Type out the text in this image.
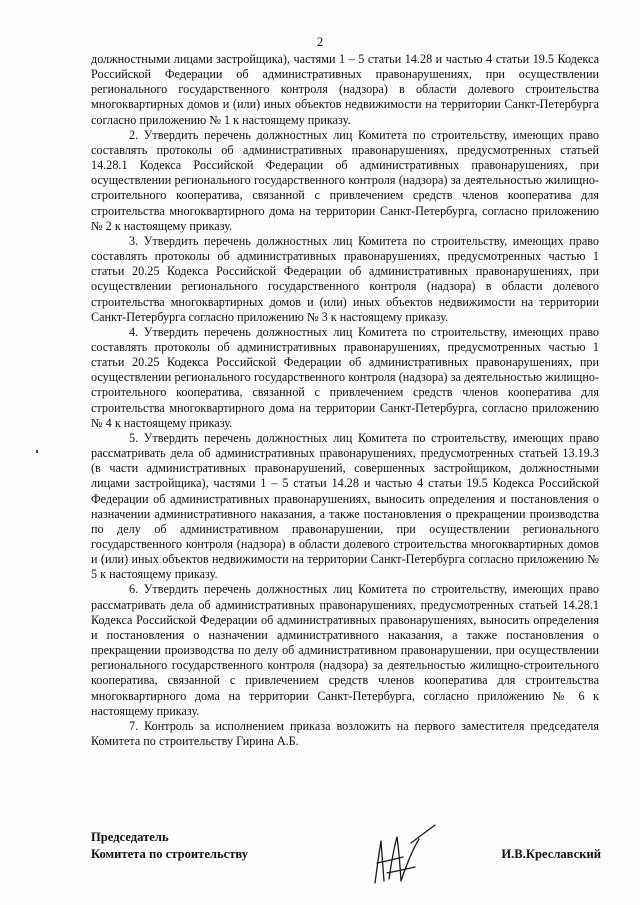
2

должностными лицами застройщика), частями 1 – 5 статьи 14.28 и частью 4 статьи 19.5 Кодекса Российской Федерации об административных правонарушениях, при осуществлении регионального государственного контроля (надзора) в области долевого строительства многоквартирных домов и (или) иных объектов недвижимости на территории Санкт-Петербурга согласно приложению № 1 к настоящему приказу.

2. Утвердить перечень должностных лиц Комитета по строительству, имеющих право составлять протоколы об административных правонарушениях, предусмотренных статьей 14.28.1 Кодекса Российской Федерации об административных правонарушениях, при осуществлении регионального государственного контроля (надзора) за деятельностью жилищно-строительного кооператива, связанной с привлечением средств членов кооператива для строительства многоквартирного дома на территории Санкт-Петербурга, согласно приложению № 2 к настоящему приказу.

3. Утвердить перечень должностных лиц Комитета по строительству, имеющих право составлять протоколы об административных правонарушениях, предусмотренных частью 1 статьи 20.25 Кодекса Российской Федерации об административных правонарушениях, при осуществлении регионального государственного контроля (надзора) в области долевого строительства многоквартирных домов и (или) иных объектов недвижимости на территории Санкт-Петербурга согласно приложению № 3 к настоящему приказу.

4. Утвердить перечень должностных лиц Комитета по строительству, имеющих право составлять протоколы об административных правонарушениях, предусмотренных частью 1 статьи 20.25 Кодекса Российской Федерации об административных правонарушениях, при осуществлении регионального государственного контроля (надзора) за деятельностью жилищно-строительного кооператива, связанной с привлечением средств членов кооператива для строительства многоквартирного дома на территории Санкт-Петербурга, согласно приложению № 4 к настоящему приказу.

5. Утвердить перечень должностных лиц Комитета по строительству, имеющих право рассматривать дела об административных правонарушениях, предусмотренных статьей 13.19.3 (в части административных правонарушений, совершенных застройщиком, должностными лицами застройщика), частями 1 – 5 статьи 14.28 и частью 4 статьи 19.5 Кодекса Российской Федерации об административных правонарушениях, выносить определения и постановления о назначении административного наказания, а также постановления о прекращении производства по делу об административном правонарушении, при осуществлении регионального государственного контроля (надзора) в области долевого строительства многоквартирных домов и (или) иных объектов недвижимости на территории Санкт-Петербурга согласно приложению № 5 к настоящему приказу.

6. Утвердить перечень должностных лиц Комитета по строительству, имеющих право рассматривать дела об административных правонарушениях, предусмотренных статьей 14.28.1 Кодекса Российской Федерации об административных правонарушениях, выносить определения и постановления о назначении административного наказания, а также постановления о прекращении производства по делу об административном правонарушении, при осуществлении регионального государственного контроля (надзора) за деятельностью жилищно-строительного кооператива, связанной с привлечением средств членов кооператива для строительства многоквартирного дома на территории Санкт-Петербурга, согласно приложению № 6 к настоящему приказу.

7. Контроль за исполнением приказа возложить на первого заместителя председателя Комитета по строительству Гирина А.Б.

Председатель
Комитета по строительству	И.В.Креславский
